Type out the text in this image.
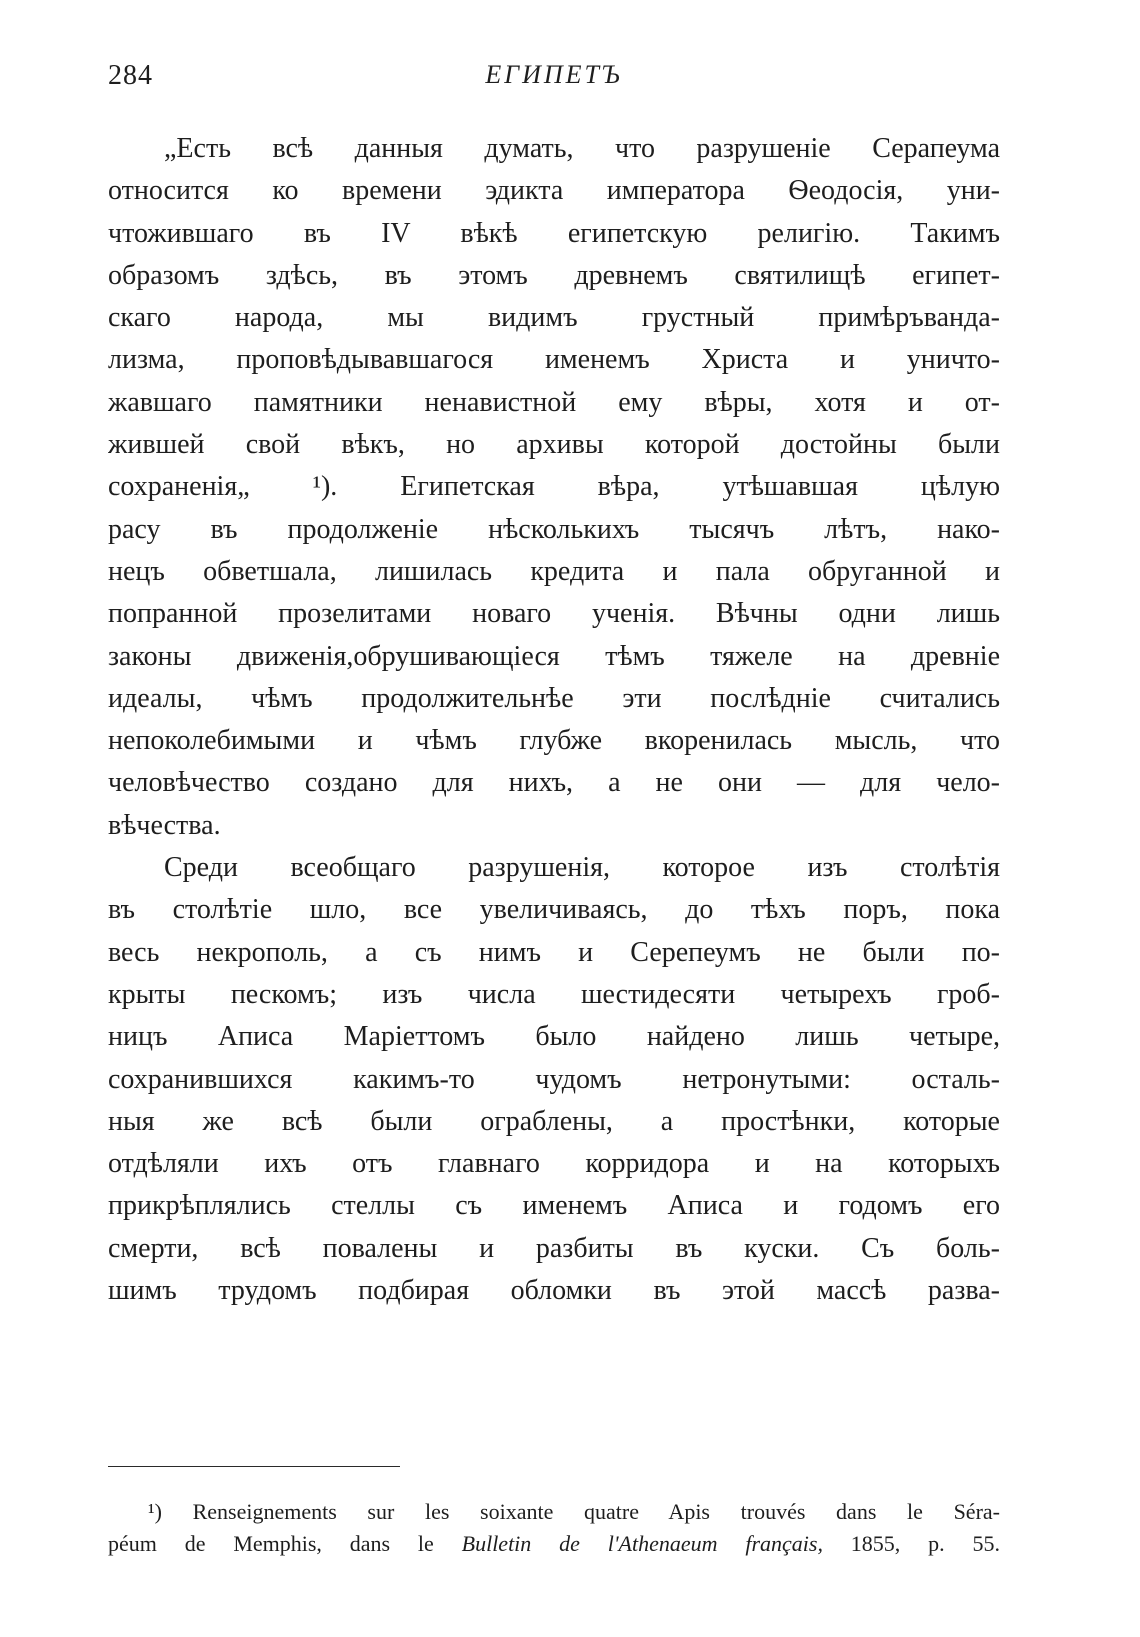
284	ЕГИПЕТЪ
„Есть всѣ данныя думать, что разрушеніе Серапеума
относится ко времени эдикта императора Ѳеодосія, уни-
чтожившаго въ IV вѣкѣ египетскую религію. Такимъ
образомъ здѣсь, въ этомъ древнемъ святилищѣ египет-
скаго народа, мы видимъ грустный примѣръванда-
лизма, проповѣдывавшагося именемъ Христа и уничто-
жавшаго памятники ненавистной ему вѣры, хотя и от-
жившей свой вѣкъ, но архивы которой достойны были
сохраненія„ ¹). Египетская вѣра, утѣшавшая цѣлую
расу въ продолженіе нѣсколькихъ тысячъ лѣтъ, нако-
нецъ обветшала, лишилась кредита и пала обруганной и
попранной прозелитами новаго ученія. Вѣчны одни лишь
законы движенія,обрушивающіеся тѣмъ тяжеле на древніе
идеалы, чѣмъ продолжительнѣе эти послѣдніе считались
непоколебимыми и чѣмъ глубже вкоренилась мысль, что
человѣчество создано для нихъ, а не они — для чело-
вѣчества.
Среди всеобщаго разрушенія, которое изъ столѣтія
въ столѣтіе шло, все увеличиваясь, до тѣхъ поръ, пока
весь некрополь, а съ нимъ и Серепеумъ не были по-
крыты пескомъ; изъ числа шестидесяти четырехъ гроб-
ницъ Аписа Маріеттомъ было найдено лишь четыре,
сохранившихся какимъ-то чудомъ нетронутыми: осталь-
ныя же всѣ были ограблены, а простѣнки, которые
отдѣляли ихъ отъ главнаго корридора и на которыхъ
прикрѣплялись стеллы съ именемъ Аписа и годомъ его
смерти, всѣ повалены и разбиты въ куски. Съ боль-
шимъ трудомъ подбирая обломки въ этой массѣ разва-
¹) Renseignements sur les soixante quatre Apis trouvés dans le Séra-
péum de Memphis, dans le Bulletin de l'Athenaeum français, 1855, p. 55.
